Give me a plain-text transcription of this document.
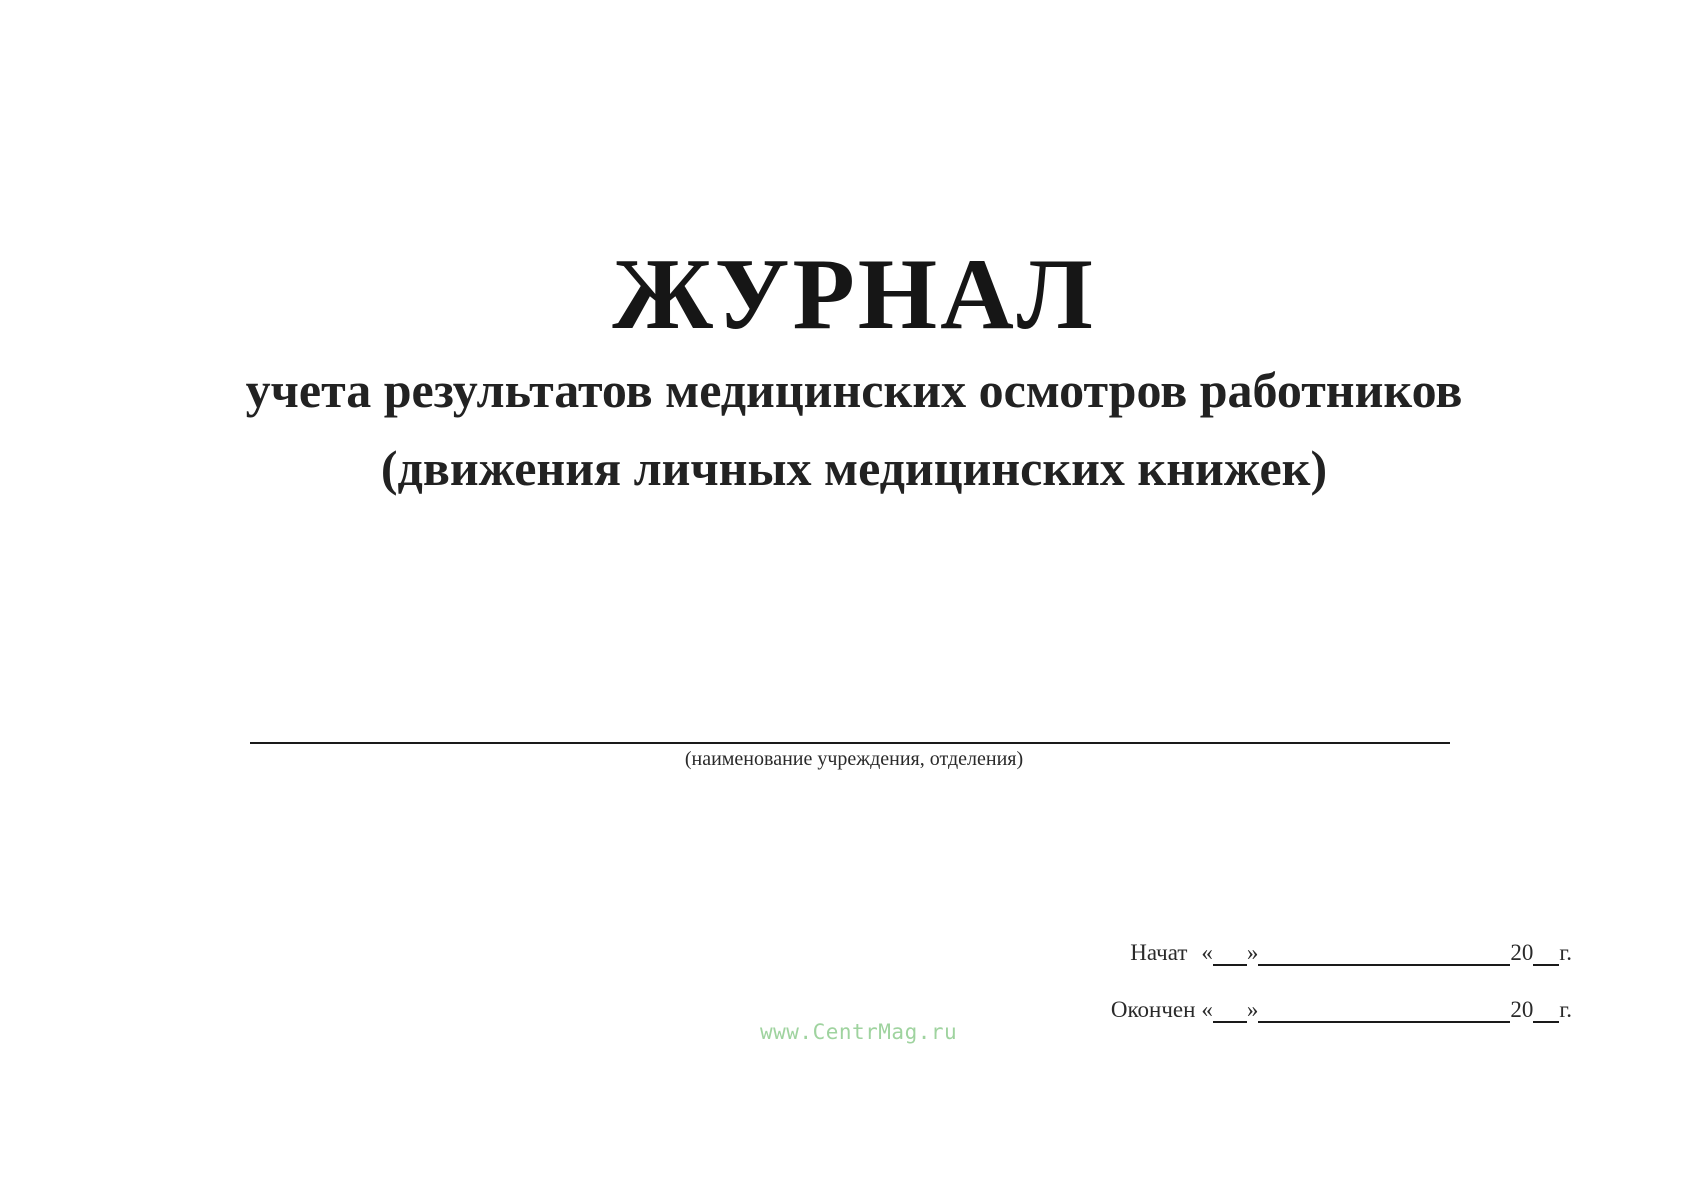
ЖУРНАЛ
учета результатов медицинских осмотров работников
(движения личных медицинских книжек)
(наименование учреждения, отделения)
Начат « »	20 г.
Окончен « »	20 г.
www.CentrMag.ru
